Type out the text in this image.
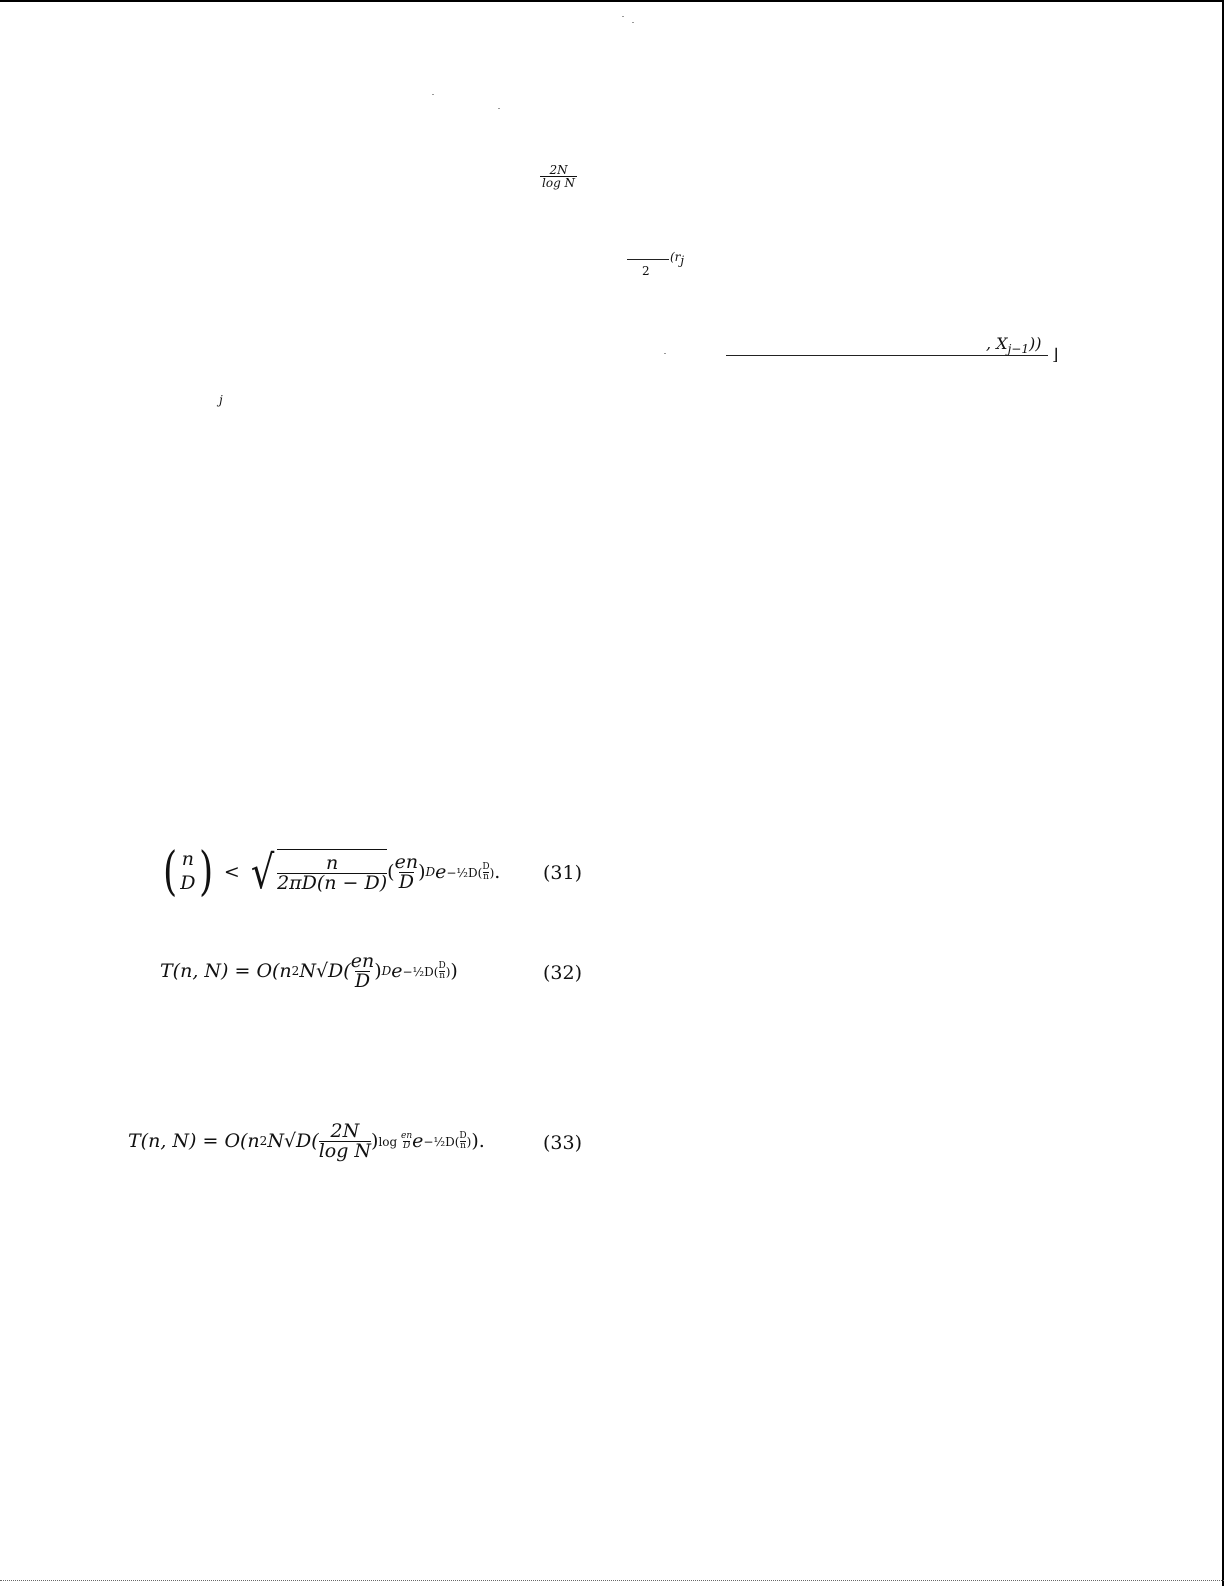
$\frac{2N}{\text{log N}}$
2
($r_j$
, $X_{j-1}$))
⌋
j
( n
D ) < √ $\frac{n}{2\pi D(n - D)}$ ( $\frac{en}{D}$ ) D e −½D( $\frac{D}{n}$ ) . (31)
T(n, N) = O(n 2 $N√D( \frac{en}{D}$ ) D e −½D( $\frac{D}{n}$ ) )	(32)
T(n, N) = O(n 2 $N√D( \frac{2N}{\text{log N}}$ ) $\log \frac{en}{D}$ e −½D( $\frac{D}{n}$ ) ).	(33)
